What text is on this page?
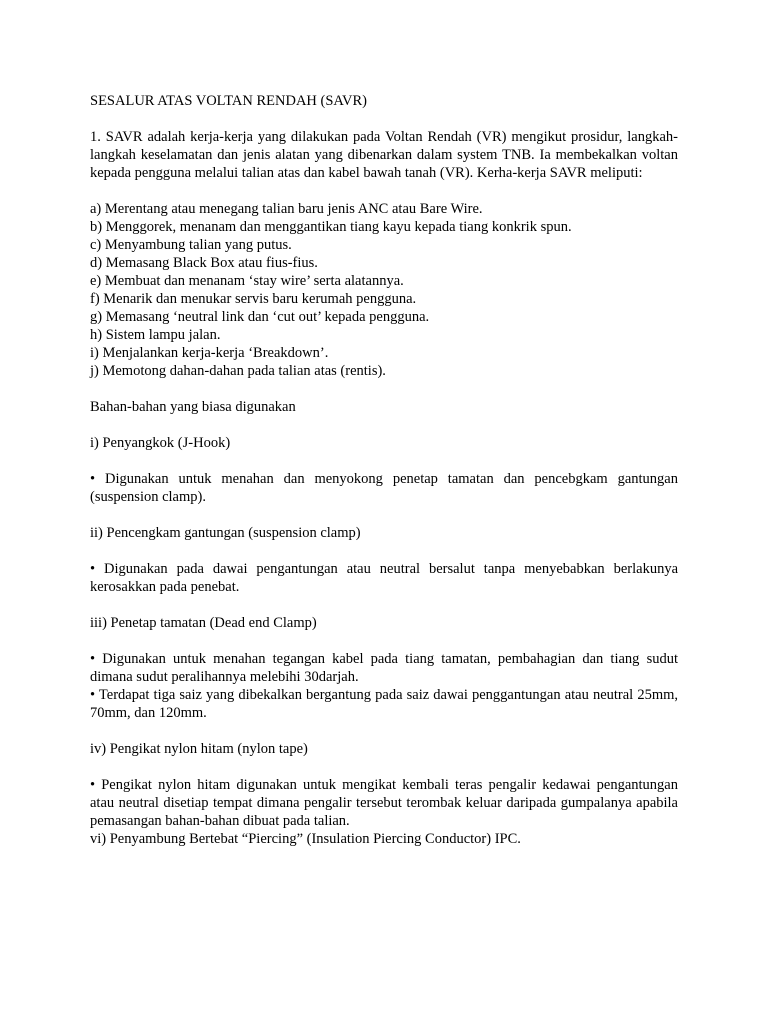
SESALUR ATAS VOLTAN RENDAH (SAVR)

1. SAVR adalah kerja-kerja yang dilakukan pada Voltan Rendah (VR) mengikut prosidur, langkah-langkah keselamatan dan jenis alatan yang dibenarkan dalam system TNB. Ia membekalkan voltan kepada pengguna melalui talian atas dan kabel bawah tanah (VR). Kerha-kerja SAVR meliputi:

a) Merentang atau menegang talian baru jenis ANC atau Bare Wire.

b) Menggorek, menanam dan menggantikan tiang kayu kepada tiang konkrik spun.

c) Menyambung talian yang putus.

d) Memasang Black Box atau fius-fius.

e) Membuat dan menanam ‘stay wire’ serta alatannya.

f) Menarik dan menukar servis baru kerumah pengguna.

g) Memasang ‘neutral link dan ‘cut out’ kepada pengguna.

h) Sistem lampu jalan.

i) Menjalankan kerja-kerja ‘Breakdown’.

j) Memotong dahan-dahan pada talian atas (rentis).

Bahan-bahan yang biasa digunakan

i) Penyangkok (J-Hook)

• Digunakan untuk menahan dan menyokong penetap tamatan dan pencebgkam gantungan (suspension clamp).

ii) Pencengkam gantungan (suspension clamp)

• Digunakan pada dawai pengantungan atau neutral bersalut tanpa menyebabkan berlakunya kerosakkan pada penebat.

iii) Penetap tamatan (Dead end Clamp)

• Digunakan untuk menahan tegangan kabel pada tiang tamatan, pembahagian dan tiang sudut dimana sudut peralihannya melebihi 30darjah.

• Terdapat tiga saiz yang dibekalkan bergantung pada saiz dawai penggantungan atau neutral 25mm, 70mm, dan 120mm.

iv) Pengikat nylon hitam (nylon tape)

• Pengikat nylon hitam digunakan untuk mengikat kembali teras pengalir kedawai pengantungan atau neutral disetiap tempat dimana pengalir tersebut terombak keluar daripada gumpalanya apabila pemasangan bahan-bahan dibuat pada talian.

vi) Penyambung Bertebat “Piercing” (Insulation Piercing Conductor) IPC.
